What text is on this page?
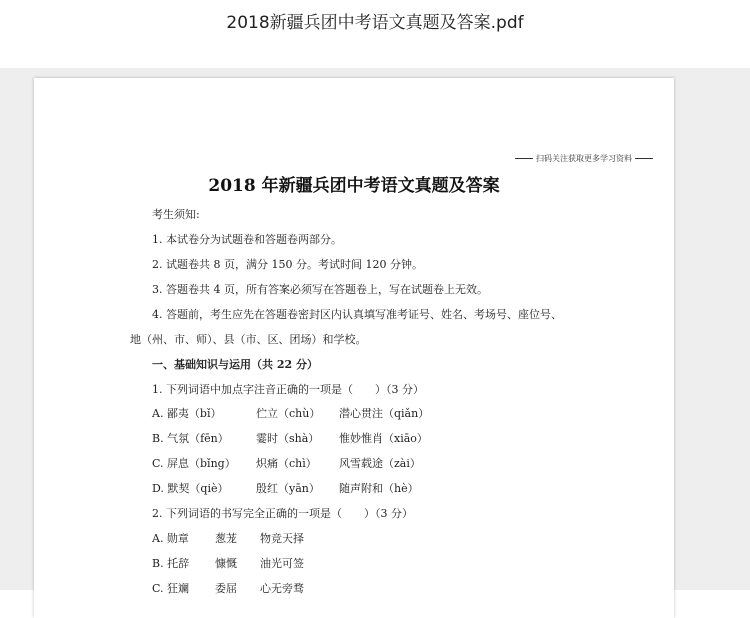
2018新疆兵团中考语文真题及答案.pdf
扫码关注获取更多学习资料
2018 年新疆兵团中考语文真题及答案
考生须知:
1. 本试卷分为试题卷和答题卷两部分。
2. 试题卷共 8 页，满分 150 分。考试时间 120 分钟。
3. 答题卷共 4 页，所有答案必须写在答题卷上，写在试题卷上无效。
4. 答题前，考生应先在答题卷密封区内认真填写准考证号、姓名、考场号、座位号、
地（州、市、师）、县（市、区、团场）和学校。
一、基础知识与运用（共 22 分）
1. 下列词语中加点字注音正确的一项是（　　）（3 分）
A. 鄙夷（bǐ）	伫立（chù） 潜心贯注（qiǎn）
B. 气氛（fēn） 霎时（shà） 惟妙惟肖（xiāo）
C. 屏息（bǐng） 炽痛（chì） 风雪载途（zài）
D. 默契（qiè）	殷红（yān） 随声附和（hè）
2. 下列词语的书写完全正确的一项是（　　）（3 分）
A. 勋章 葱茏 物竞天择
B. 托辞 慷慨 油光可签
C. 狂斓 委屈 心无旁骛
